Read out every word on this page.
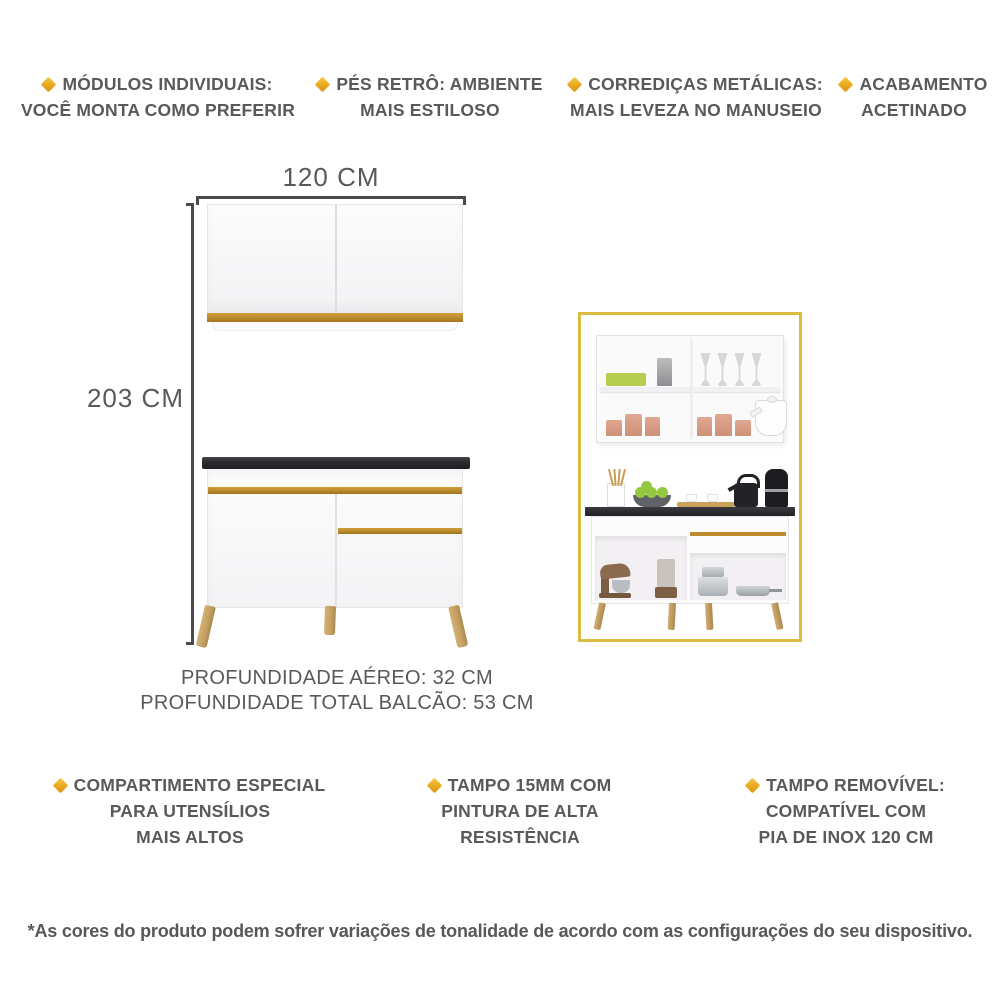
MÓDULOS INDIVIDUAIS:
VOCÊ MONTA COMO PREFERIR
PÉS RETRÔ: AMBIENTE
MAIS ESTILOSO
CORREDIÇAS METÁLICAS:
MAIS LEVEZA NO MANUSEIO
ACABAMENTO
ACETINADO
120 CM
203 CM
PROFUNDIDADE AÉREO: 32 CM
PROFUNDIDADE TOTAL BALCÃO: 53 CM
COMPARTIMENTO ESPECIAL
PARA UTENSÍLIOS
MAIS ALTOS
TAMPO 15MM COM
PINTURA DE ALTA
RESISTÊNCIA
TAMPO REMOVÍVEL:
COMPATÍVEL COM
PIA DE INOX 120 CM
*As cores do produto podem sofrer variações de tonalidade de acordo com as configurações do seu dispositivo.
